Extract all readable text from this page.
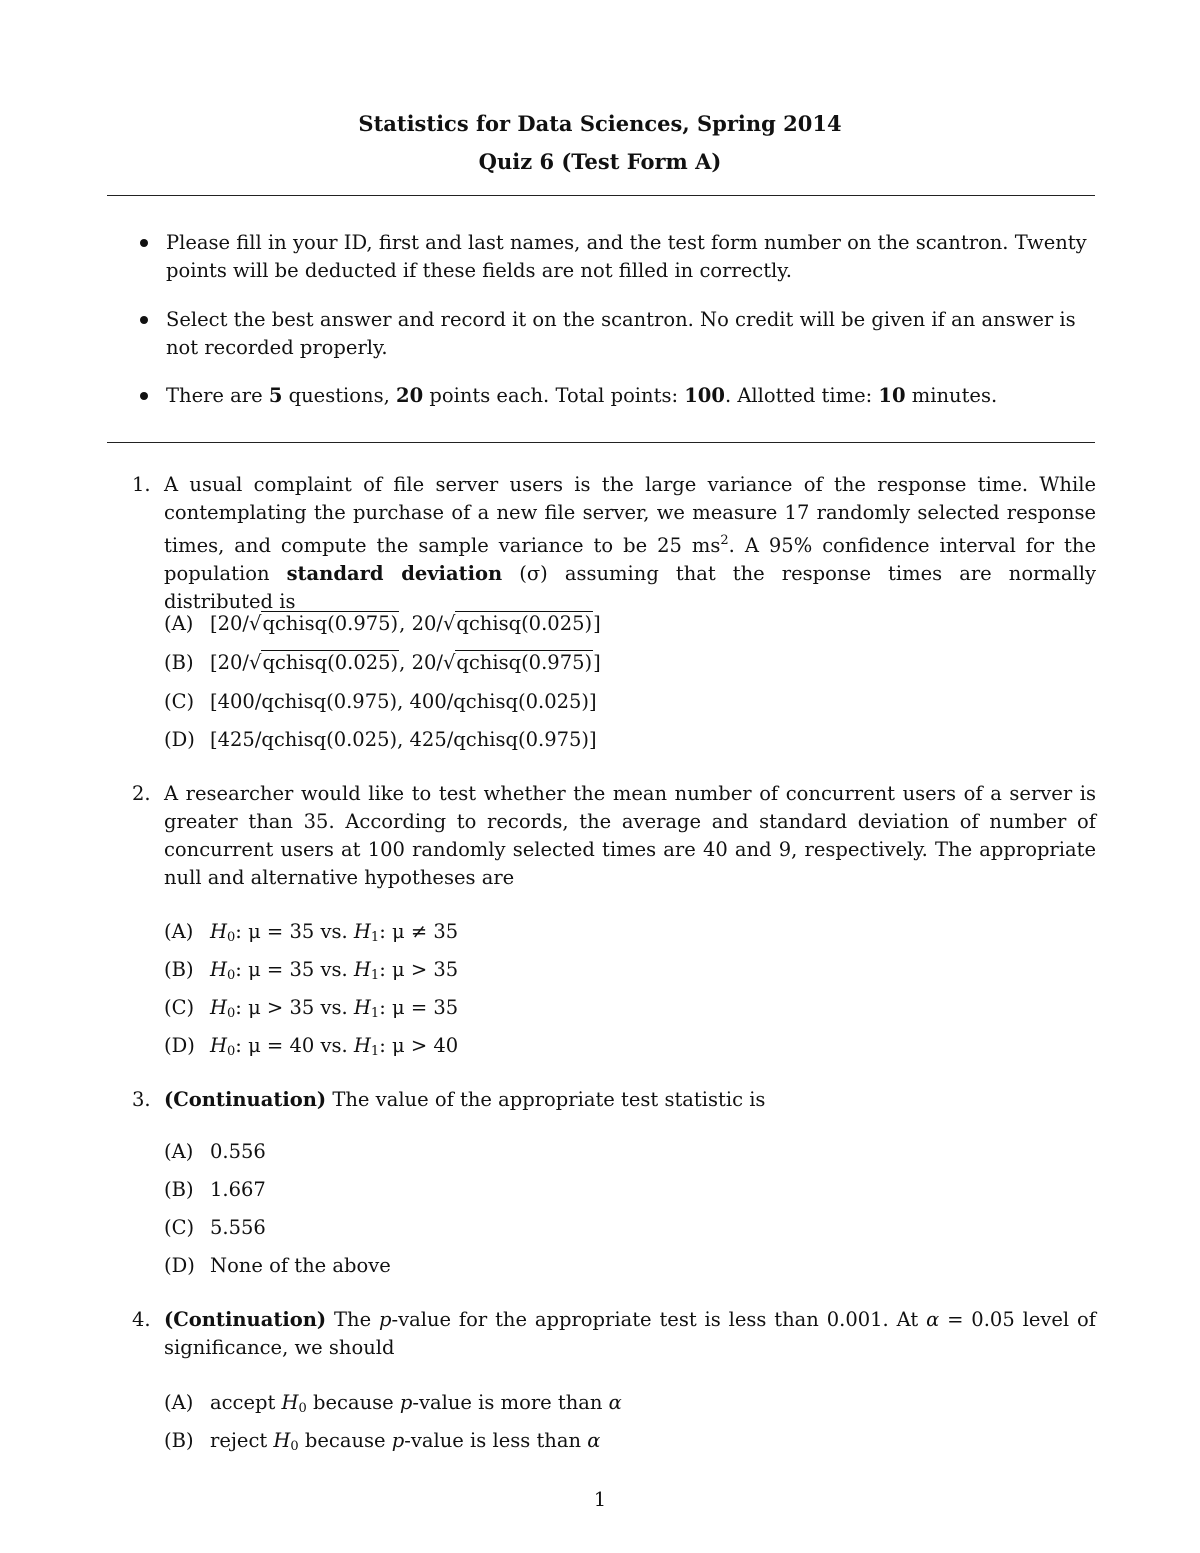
Statistics for Data Sciences, Spring 2014
Quiz 6 (Test Form A)
Please fill in your ID, first and last names, and the test form number on the scantron. Twenty points will be deducted if these fields are not filled in correctly.
Select the best answer and record it on the scantron. No credit will be given if an answer is not recorded properly.
There are 5 questions, 20 points each. Total points: 100. Allotted time: 10 minutes.
1. A usual complaint of file server users is the large variance of the response time. While contemplating the purchase of a new file server, we measure 17 randomly selected response times, and compute the sample variance to be 25 $ms^2$. A 95% confidence interval for the population standard deviation (σ) assuming that the response times are normally distributed is
(A) [20/√qchisq(0.975), 20/√qchisq(0.025)]
(B) [20/√qchisq(0.025), 20/√qchisq(0.975)]
(C) [400/qchisq(0.975), 400/qchisq(0.025)]
(D) [425/qchisq(0.025), 425/qchisq(0.975)]
2. A researcher would like to test whether the mean number of concurrent users of a server is greater than 35. According to records, the average and standard deviation of number of concurrent users at 100 randomly selected times are 40 and 9, respectively. The appropriate null and alternative hypotheses are
(A) $H_0$: μ = 35 vs. $H_1$: μ ≠ 35
(B) $H_0$: μ = 35 vs. $H_1$: μ > 35
(C) $H_0$: μ > 35 vs. $H_1$: μ = 35
(D) $H_0$: μ = 40 vs. $H_1$: μ > 40
3. (Continuation) The value of the appropriate test statistic is
(A) 0.556
(B) 1.667
(C) 5.556
(D) None of the above
4. (Continuation) The p-value for the appropriate test is less than 0.001. At α = 0.05 level of significance, we should
(A) accept $H_0$ because p-value is more than α
(B) reject $H_0$ because p-value is less than α
1
